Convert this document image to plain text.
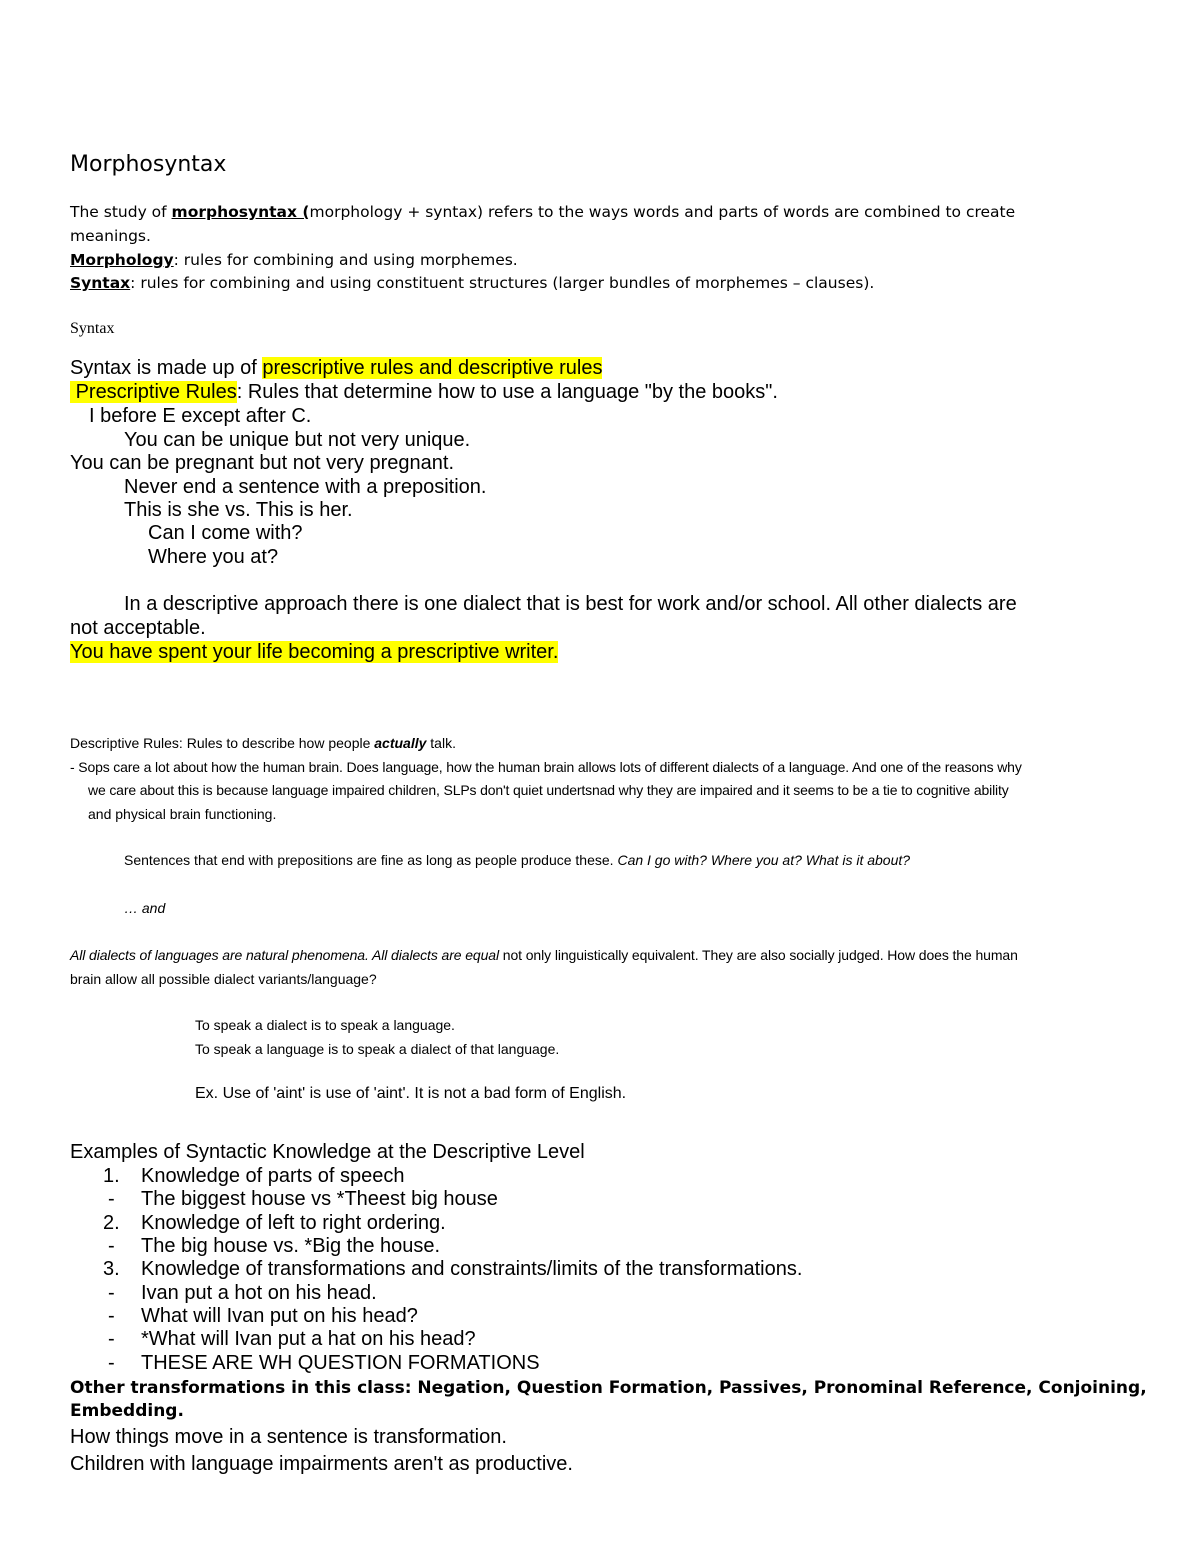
Morphosyntax
The study of morphosyntax (morphology + syntax) refers to the ways words and parts of words are combined to create
meanings.
Morphology: rules for combining and using morphemes.
Syntax: rules for combining and using constituent structures (larger bundles of morphemes – clauses).
Syntax
Syntax is made up of prescriptive rules and descriptive rules
Prescriptive Rules: Rules that determine how to use a language "by the books".
I before E except after C.
You can be unique but not very unique.
You can be pregnant but not very pregnant.
Never end a sentence with a preposition.
This is she vs. This is her.
Can I come with?
Where you at?
In a descriptive approach there is one dialect that is best for work and/or school. All other dialects are
not acceptable.
You have spent your life becoming a prescriptive writer.
Descriptive Rules: Rules to describe how people actually talk.
- Sops care a lot about how the human brain. Does language, how the human brain allows lots of different dialects of a language. And one of the reasons why
we care about this is because language impaired children, SLPs don't quiet undertsnad why they are impaired and it seems to be a tie to cognitive ability
and physical brain functioning.
Sentences that end with prepositions are fine as long as people produce these. Can I go with? Where you at? What is it about?
… and
All dialects of languages are natural phenomena. All dialects are equal not only linguistically equivalent. They are also socially judged. How does the human
brain allow all possible dialect variants/language?
To speak a dialect is to speak a language.
To speak a language is to speak a dialect of that language.
Ex. Use of 'aint' is use of 'aint'. It is not a bad form of English.
Examples of Syntactic Knowledge at the Descriptive Level
1. Knowledge of parts of speech
- The biggest house vs *Theest big house
2. Knowledge of left to right ordering.
- The big house vs. *Big the house.
3. Knowledge of transformations and constraints/limits of the transformations.
- Ivan put a hot on his head.
- What will Ivan put on his head?
- *What will Ivan put a hat on his head?
- THESE ARE WH QUESTION FORMATIONS
Other transformations in this class: Negation, Question Formation, Passives, Pronominal Reference, Conjoining, Embedding.
How things move in a sentence is transformation.
Children with language impairments aren't as productive.
